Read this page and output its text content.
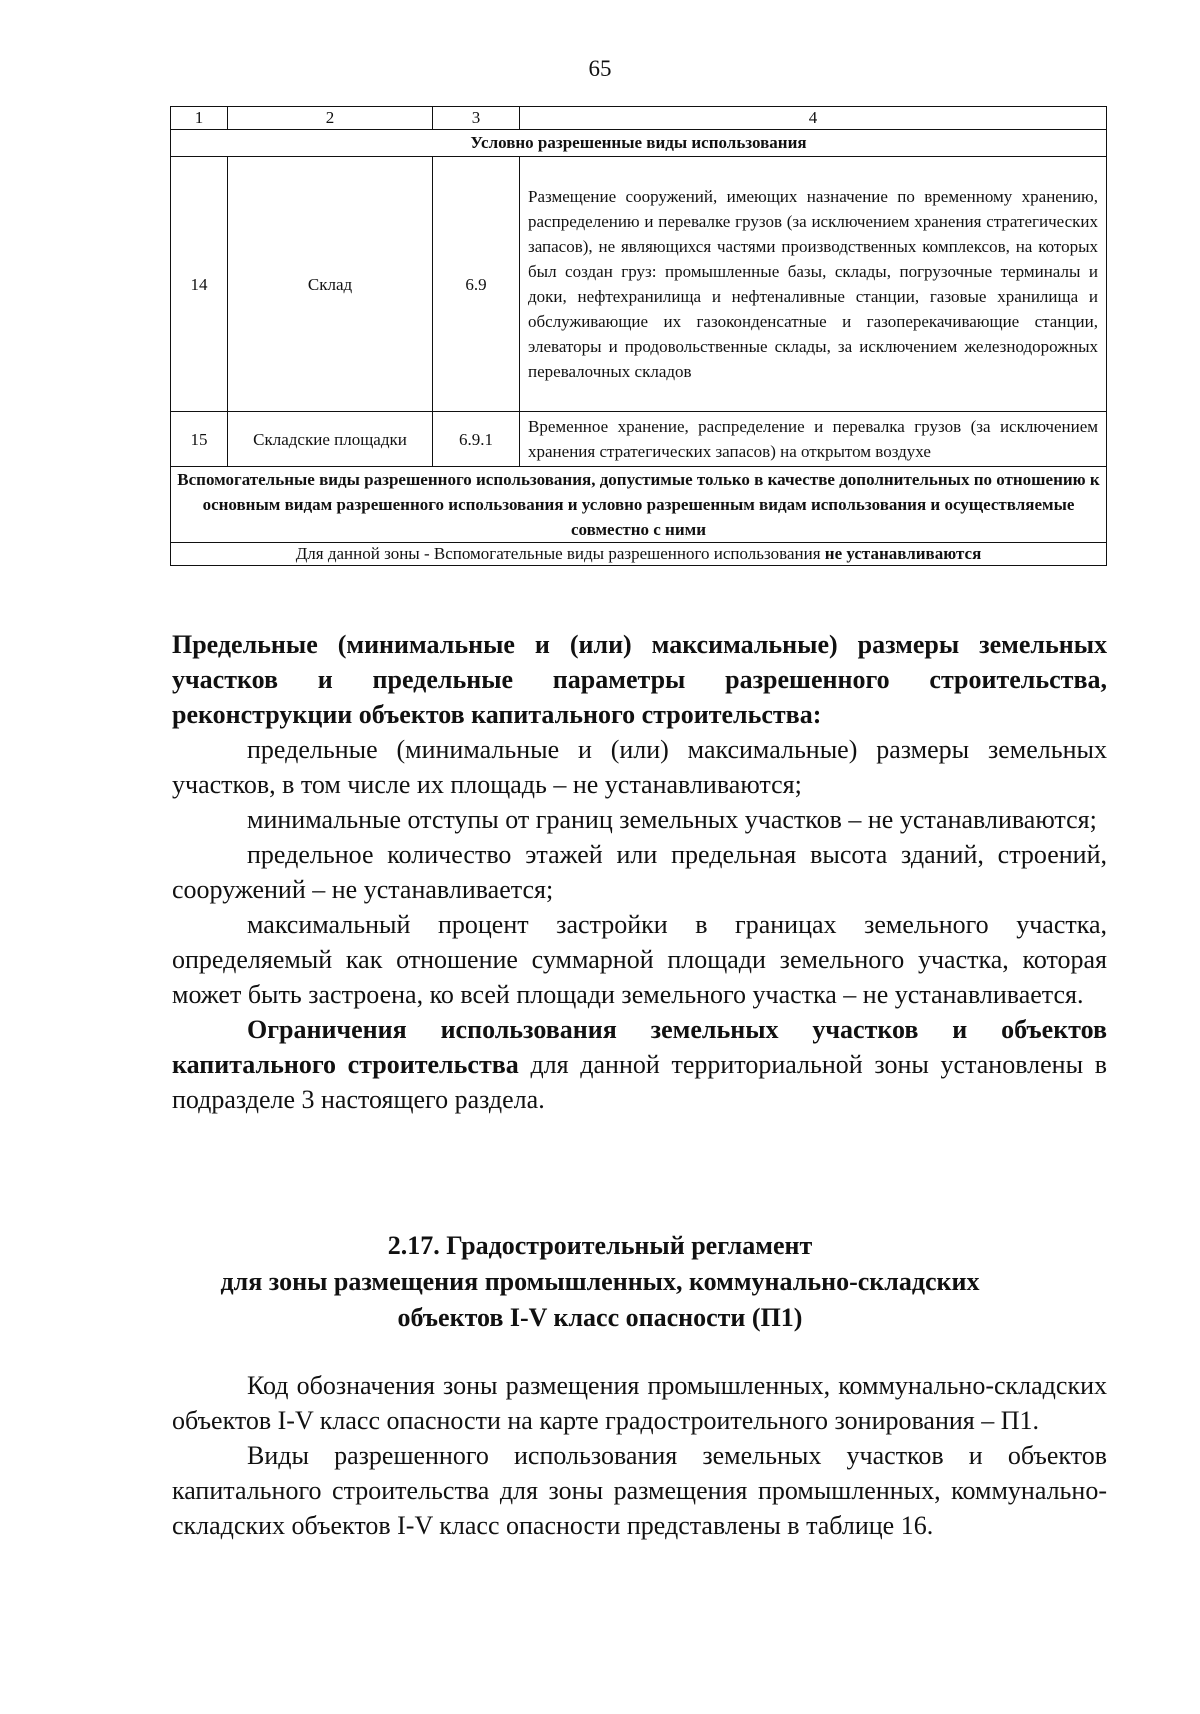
65
1	2	3	4
Условно разрешенные виды использования			
14	Склад	6.9	Размещение сооружений, имеющих назначение по временному хранению, распределению и перевалке грузов (за исключением хранения стратегических запасов), не являющихся частями производственных комплексов, на которых был создан груз: промышленные базы, склады, погрузочные терминалы и доки, нефтехранилища и нефтеналивные станции, газовые хранилища и обслуживающие их газоконденсатные и газоперекачивающие станции, элеваторы и продовольственные склады, за исключением железнодорожных перевалочных складов
15	Складские площадки	6.9.1	Временное хранение, распределение и перевалка грузов (за исключением хранения стратегических запасов) на открытом воздухе
Вспомогательные виды разрешенного использования, допустимые только в качестве дополнительных по отношению к основным видам разрешенного использования и условно разрешенным видам использования и осуществляемые совместно с ними			
Для данной зоны - Вспомогательные виды разрешенного использования не устанавливаются			

Предельные (минимальные и (или) максимальные) размеры земельных участков и предельные параметры разрешенного строительства, реконструкции объектов капитального строительства:

предельные (минимальные и (или) максимальные) размеры земельных участков, в том числе их площадь – не устанавливаются;

минимальные отступы от границ земельных участков – не устанавливаются;

предельное количество этажей или предельная высота зданий, строений, сооружений – не устанавливается;

максимальный процент застройки в границах земельного участка, определяемый как отношение суммарной площади земельного участка, которая может быть застроена, ко всей площади земельного участка – не устанавливается.

Ограничения использования земельных участков и объектов капитального строительства для данной территориальной зоны установлены в подразделе 3 настоящего раздела.

2.17. Градостроительный регламент
для зоны размещения промышленных, коммунально-складских
объектов I-V класс опасности (П1)

Код обозначения зоны размещения промышленных, коммунально-складских объектов I-V класс опасности на карте градостроительного зонирования – П1.

Виды разрешенного использования земельных участков и объектов капитального строительства для зоны размещения промышленных, коммунально-складских объектов I-V класс опасности представлены в таблице 16.
